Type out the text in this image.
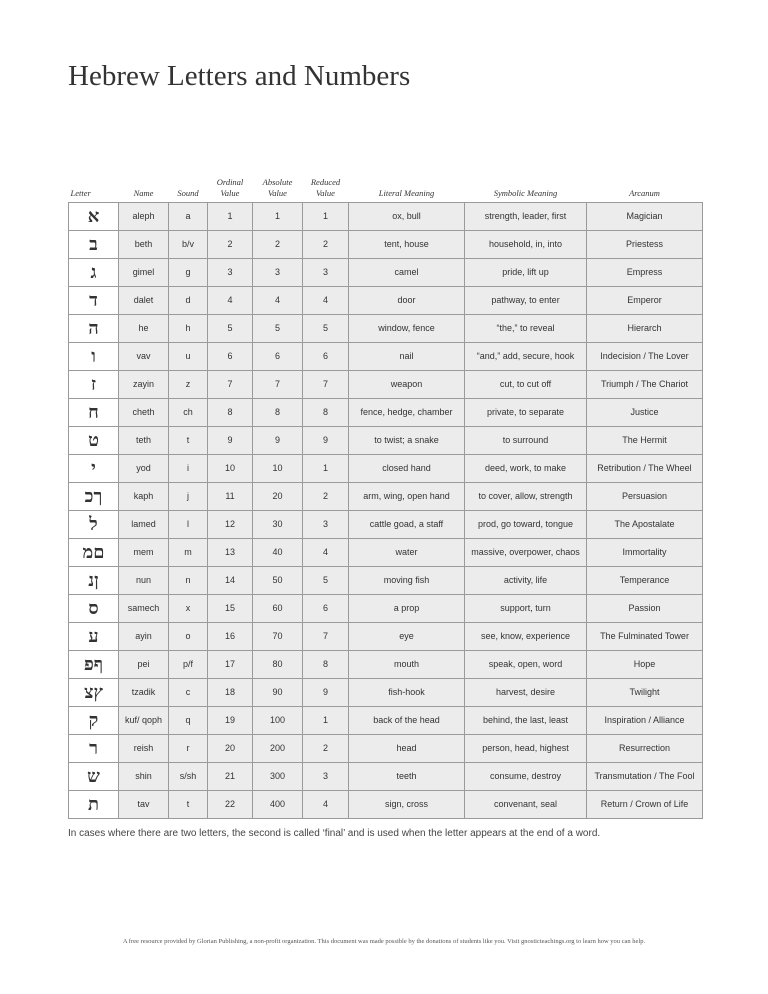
Hebrew Letters and Numbers
Letter	Name	Sound	Ordinal Value	Absolute Value	Reduced Value	Literal Meaning	Symbolic Meaning	Arcanum
א	aleph	a	1	1	1	ox, bull	strength, leader, first	Magician
ב	beth	b/v	2	2	2	tent, house	household, in, into	Priestess
ג	gimel	g	3	3	3	camel	pride, lift up	Empress
ד	dalet	d	4	4	4	door	pathway, to enter	Emperor
ה	he	h	5	5	5	window, fence	“the,” to reveal	Hierarch
ו	vav	u	6	6	6	nail	“and,” add, secure, hook	Indecision / The Lover
ז	zayin	z	7	7	7	weapon	cut, to cut off	Triumph / The Chariot
ח	cheth	ch	8	8	8	fence, hedge, chamber	private, to separate	Justice
ט	teth	t	9	9	9	to twist; a snake	to surround	The Hermit
י	yod	i	10	10	1	closed hand	deed, work, to make	Retribution / The Wheel
ךכ	kaph	j	11	20	2	arm, wing, open hand	to cover, allow, strength	Persuasion
ל	lamed	l	12	30	3	cattle goad, a staff	prod, go toward, tongue	The Apostalate
םמ	mem	m	13	40	4	water	massive, overpower, chaos	Immortality
ןנ	nun	n	14	50	5	moving fish	activity, life	Temperance
ס	samech	x	15	60	6	a prop	support, turn	Passion
ע	ayin	o	16	70	7	eye	see, know, experience	The Fulminated Tower
ףפ	pei	p/f	17	80	8	mouth	speak, open, word	Hope
ץצ	tzadik	c	18	90	9	fish-hook	harvest, desire	Twilight
ק	kuf/ qoph	q	19	100	1	back of the head	behind, the last, least	Inspiration / Alliance
ר	reish	r	20	200	2	head	person, head, highest	Resurrection
ש	shin	s/sh	21	300	3	teeth	consume, destroy	Transmutation / The Fool
ת	tav	t	22	400	4	sign, cross	convenant, seal	Return / Crown of Life

In cases where there are two letters, the second is called ‘final’ and is used when the letter appears at the end of a word.

A free resource provided by Glorian Publishing, a non-profit organization. This document was made possible by the donations of students like you. Visit gnosticteachings.org to learn how you can help.
